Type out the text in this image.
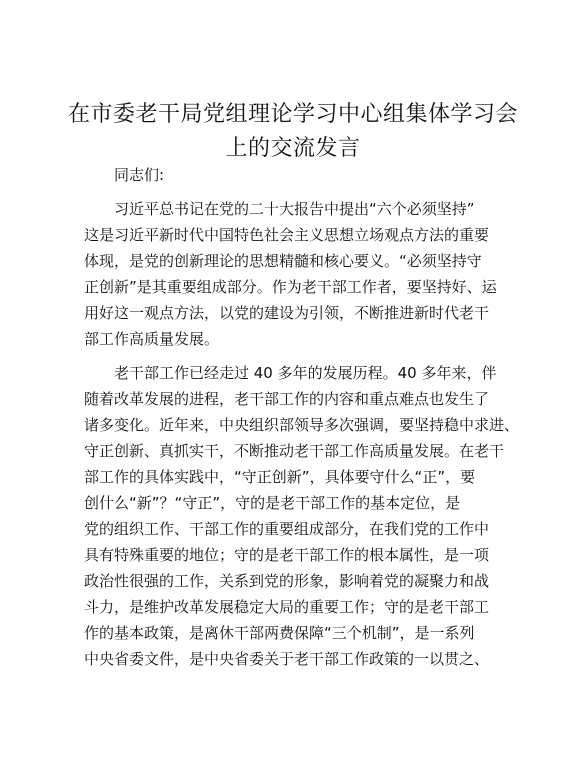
在市委老干局党组理论学习中心组集体学习会
上的交流发言
同志们:
习近平总书记在党的二十大报告中提出“六个必须坚持”
这是习近平新时代中国特色社会主义思想立场观点方法的重要
体现，是党的创新理论的思想精髓和核心要义。“必须坚持守
正创新”是其重要组成部分。作为老干部工作者，要坚持好、运
用好这一观点方法，以党的建设为引领，不断推进新时代老干
部工作高质量发展。
老干部工作已经走过 40 多年的发展历程。40 多年来，伴
随着改革发展的进程，老干部工作的内容和重点难点也发生了
诸多变化。近年来，中央组织部领导多次强调，要坚持稳中求进、
守正创新、真抓实干，不断推动老干部工作高质量发展。在老干
部工作的具体实践中，“守正创新”，具体要守什么“正”，要
创什么“新”？“守正”，守的是老干部工作的基本定位，是
党的组织工作、干部工作的重要组成部分，在我们党的工作中
具有特殊重要的地位；守的是老干部工作的根本属性，是一项
政治性很强的工作，关系到党的形象，影响着党的凝聚力和战
斗力，是维护改革发展稳定大局的重要工作；守的是老干部工
作的基本政策，是离休干部两费保障“三个机制”，是一系列
中央省委文件，是中央省委关于老干部工作政策的一以贯之、
